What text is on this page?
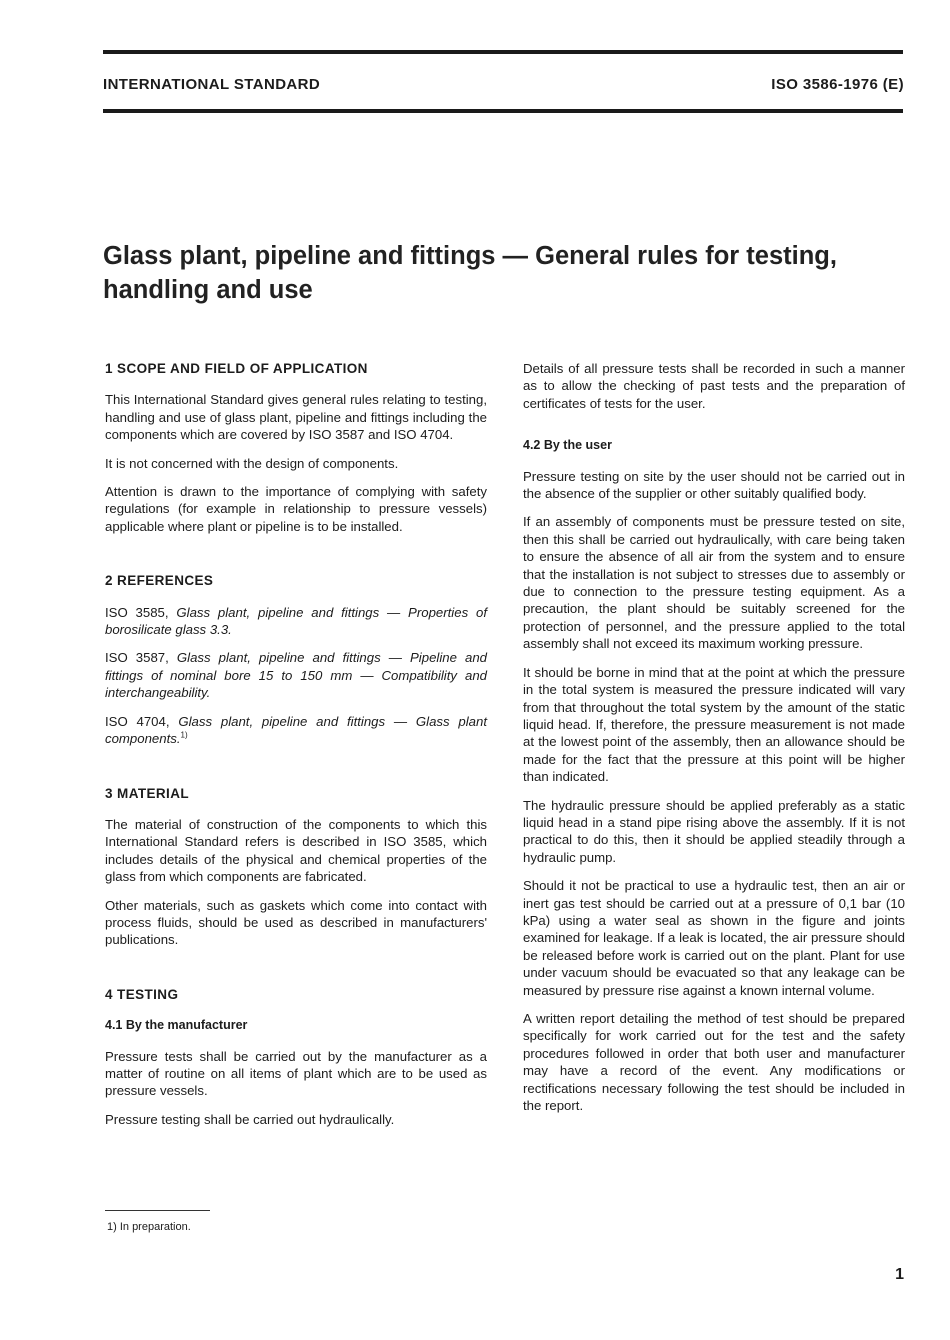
INTERNATIONAL STANDARD	ISO 3586-1976 (E)
Glass plant, pipeline and fittings — General rules for testing, handling and use
1 SCOPE AND FIELD OF APPLICATION

This International Standard gives general rules relating to testing, handling and use of glass plant, pipeline and fittings including the components which are covered by ISO 3587 and ISO 4704.

It is not concerned with the design of components.

Attention is drawn to the importance of complying with safety regulations (for example in relationship to pressure vessels) applicable where plant or pipeline is to be installed.

2 REFERENCES

ISO 3585, Glass plant, pipeline and fittings — Properties of borosilicate glass 3.3.

ISO 3587, Glass plant, pipeline and fittings — Pipeline and fittings of nominal bore 15 to 150 mm — Compatibility and interchangeability.

ISO 4704, Glass plant, pipeline and fittings — Glass plant components.$^{1)}$

3 MATERIAL

The material of construction of the components to which this International Standard refers is described in ISO 3585, which includes details of the physical and chemical properties of the glass from which components are fabricated.

Other materials, such as gaskets which come into contact with process fluids, should be used as described in manufacturers' publications.

4 TESTING
4.1 By the manufacturer

Pressure tests shall be carried out by the manufacturer as a matter of routine on all items of plant which are to be used as pressure vessels.

Pressure testing shall be carried out hydraulically.

Details of all pressure tests shall be recorded in such a manner as to allow the checking of past tests and the preparation of certificates of tests for the user.

4.2 By the user

Pressure testing on site by the user should not be carried out in the absence of the supplier or other suitably qualified body.

If an assembly of components must be pressure tested on site, then this shall be carried out hydraulically, with care being taken to ensure the absence of all air from the system and to ensure that the installation is not subject to stresses due to assembly or due to connection to the pressure testing equipment. As a precaution, the plant should be suitably screened for the protection of personnel, and the pressure applied to the total assembly shall not exceed its maximum working pressure.

It should be borne in mind that at the point at which the pressure in the total system is measured the pressure indicated will vary from that throughout the total system by the amount of the static liquid head. If, therefore, the pressure measurement is not made at the lowest point of the assembly, then an allowance should be made for the fact that the pressure at this point will be higher than indicated.

The hydraulic pressure should be applied preferably as a static liquid head in a stand pipe rising above the assembly. If it is not practical to do this, then it should be applied steadily through a hydraulic pump.

Should it not be practical to use a hydraulic test, then an air or inert gas test should be carried out at a pressure of 0,1 bar (10 kPa) using a water seal as shown in the figure and joints examined for leakage. If a leak is located, the air pressure should be released before work is carried out on the plant. Plant for use under vacuum should be evacuated so that any leakage can be measured by pressure rise against a known internal volume.

A written report detailing the method of test should be prepared specifically for work carried out for the test and the safety procedures followed in order that both user and manufacturer may have a record of the event. Any modifications or rectifications necessary following the test should be included in the report.

1) In preparation.
1
